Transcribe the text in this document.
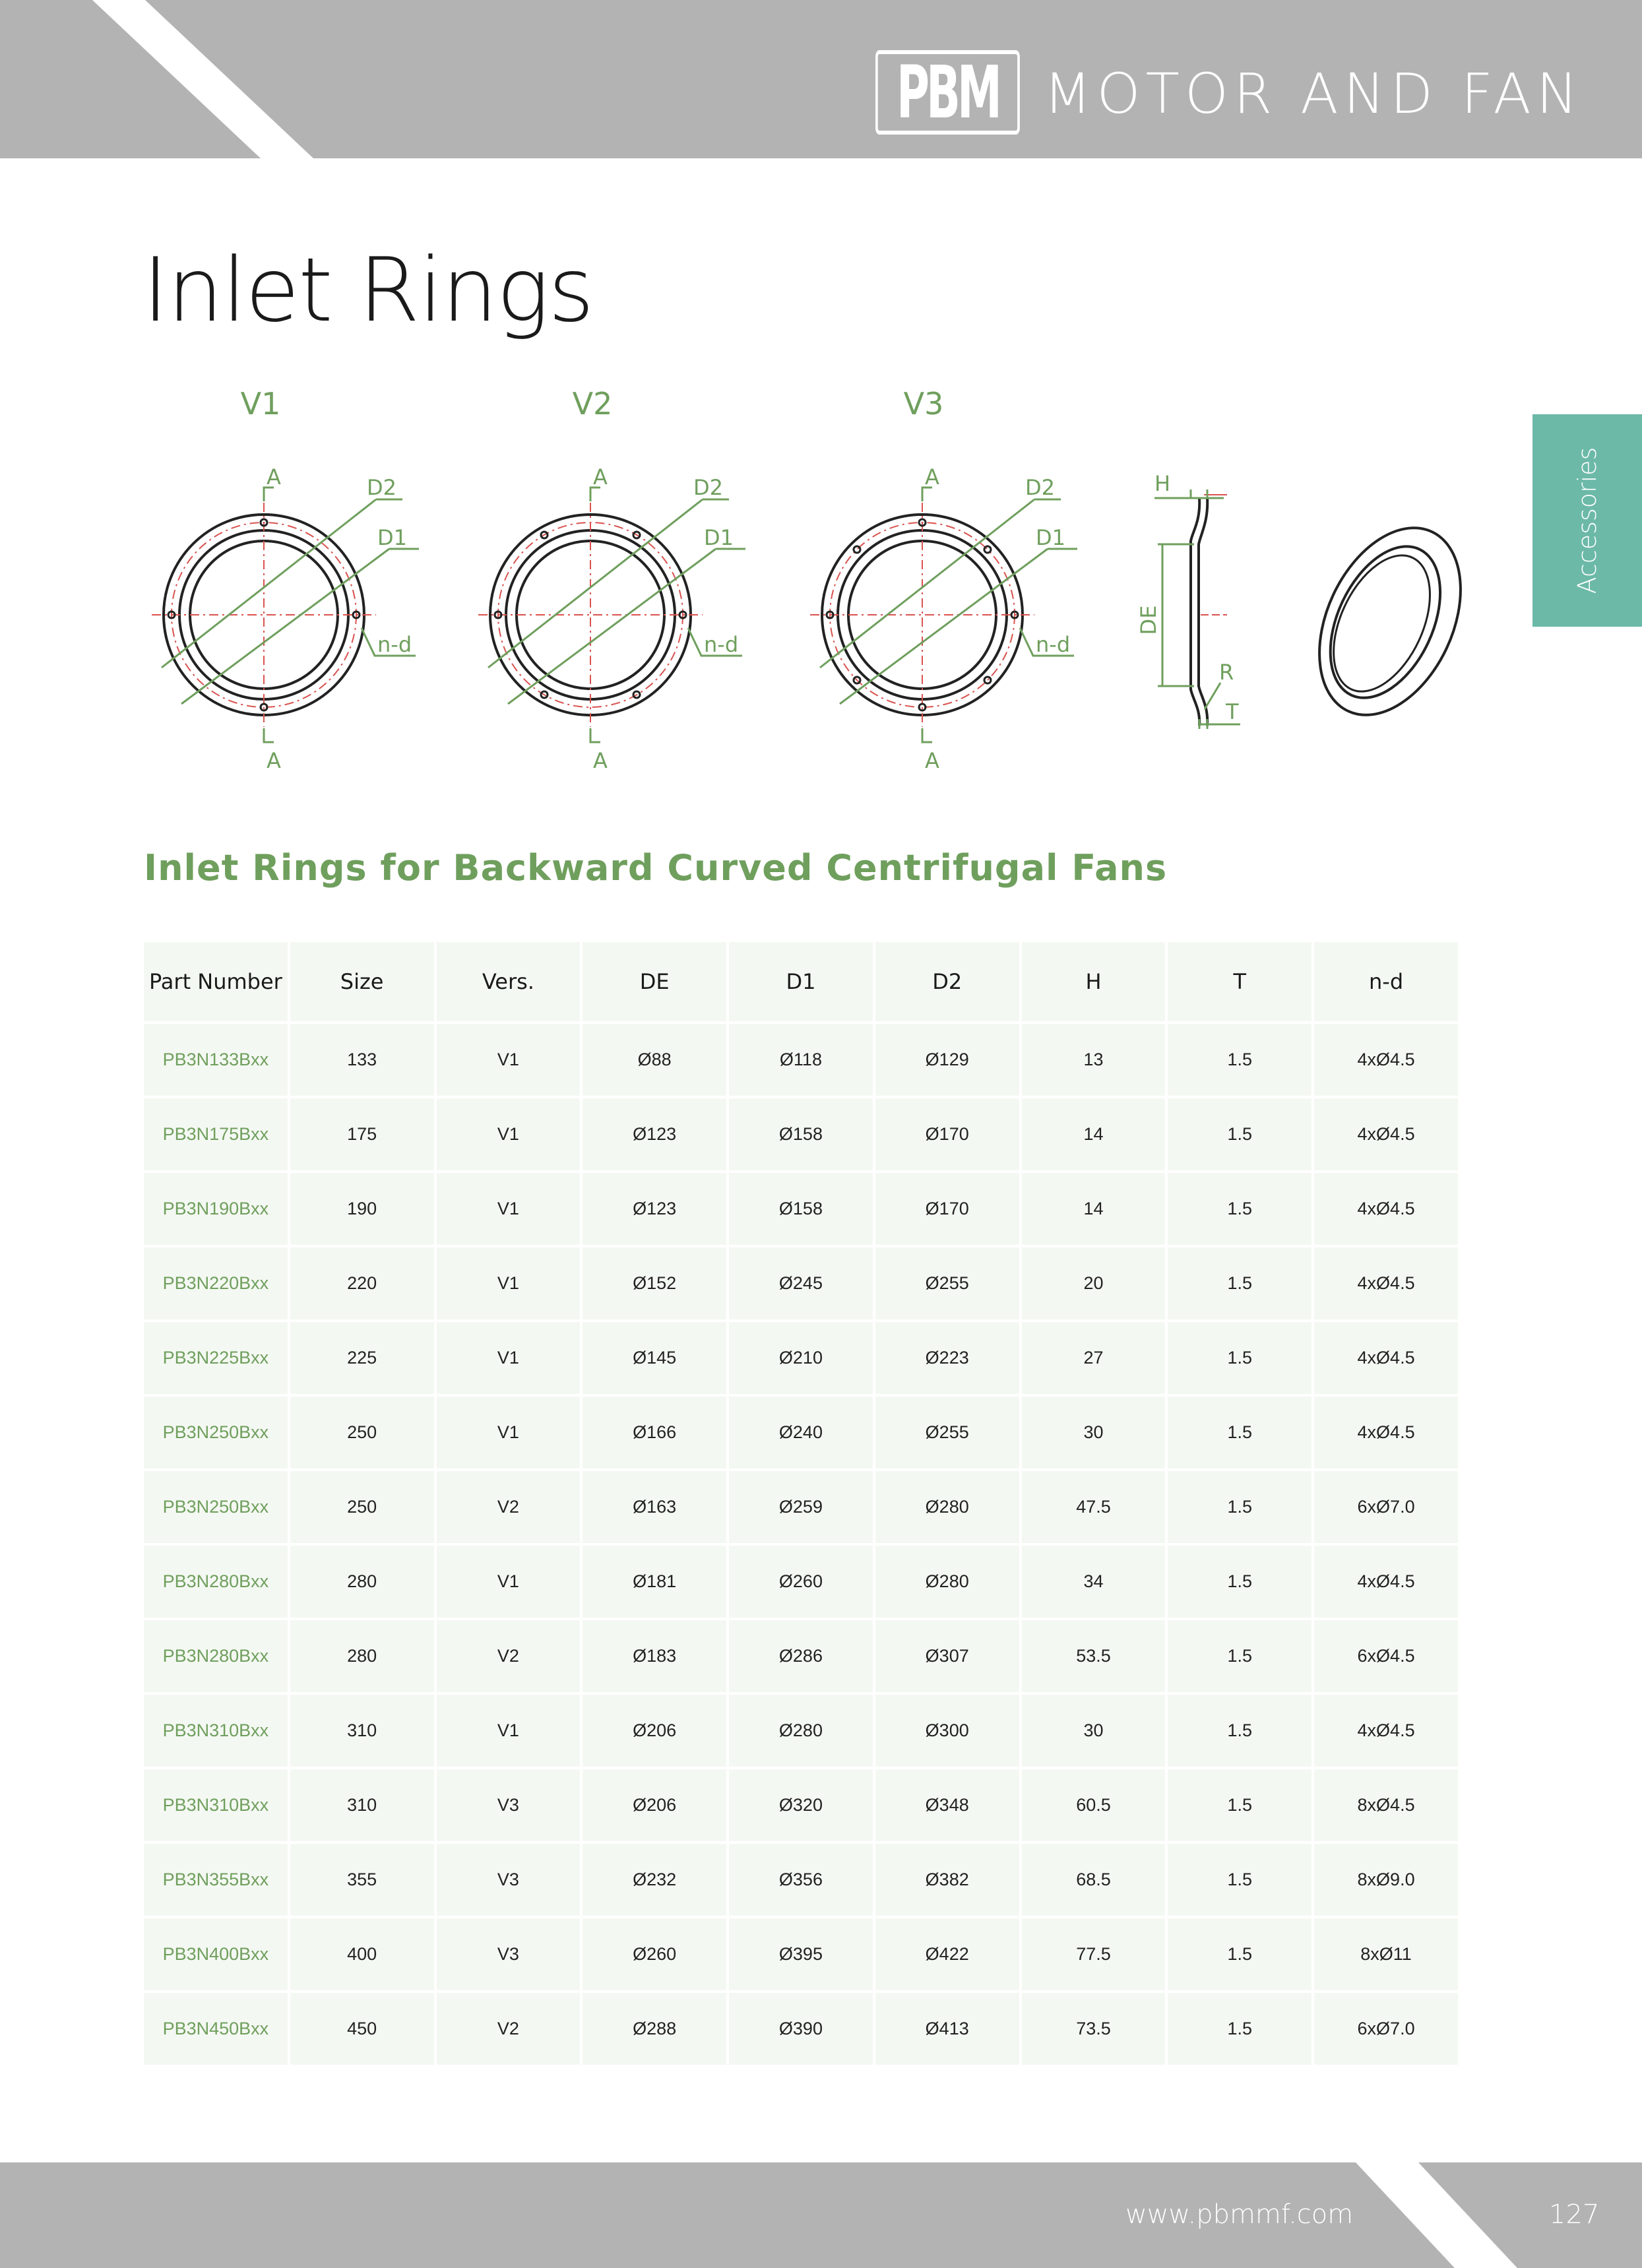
PBM MOTOR AND FAN
Inlet Rings
Accessories
V1	V2	V3
A
A
D2
D1
n-d
A
A
D2
D1
n-d
A
A
D2
D1
n-d
H
DE
R
T
Inlet Rings for Backward Curved Centrifugal Fans
Part Number	Size	Vers.	DE	D1	D2	H	T	n-d
PB3N133Bxx	133	V1	Ø88	Ø118	Ø129	13	1.5	4xØ4.5
PB3N175Bxx	175	V1	Ø123	Ø158	Ø170	14	1.5	4xØ4.5
PB3N190Bxx	190	V1	Ø123	Ø158	Ø170	14	1.5	4xØ4.5
PB3N220Bxx	220	V1	Ø152	Ø245	Ø255	20	1.5	4xØ4.5
PB3N225Bxx	225	V1	Ø145	Ø210	Ø223	27	1.5	4xØ4.5
PB3N250Bxx	250	V1	Ø166	Ø240	Ø255	30	1.5	4xØ4.5
PB3N250Bxx	250	V2	Ø163	Ø259	Ø280	47.5	1.5	6xØ7.0
PB3N280Bxx	280	V1	Ø181	Ø260	Ø280	34	1.5	4xØ4.5
PB3N280Bxx	280	V2	Ø183	Ø286	Ø307	53.5	1.5	6xØ4.5
PB3N310Bxx	310	V1	Ø206	Ø280	Ø300	30	1.5	4xØ4.5
PB3N310Bxx	310	V3	Ø206	Ø320	Ø348	60.5	1.5	8xØ4.5
PB3N355Bxx	355	V3	Ø232	Ø356	Ø382	68.5	1.5	8xØ9.0
PB3N400Bxx	400	V3	Ø260	Ø395	Ø422	77.5	1.5	8xØ11
PB3N450Bxx	450	V2	Ø288	Ø390	Ø413	73.5	1.5	6xØ7.0
www.pbmmf.com	127
